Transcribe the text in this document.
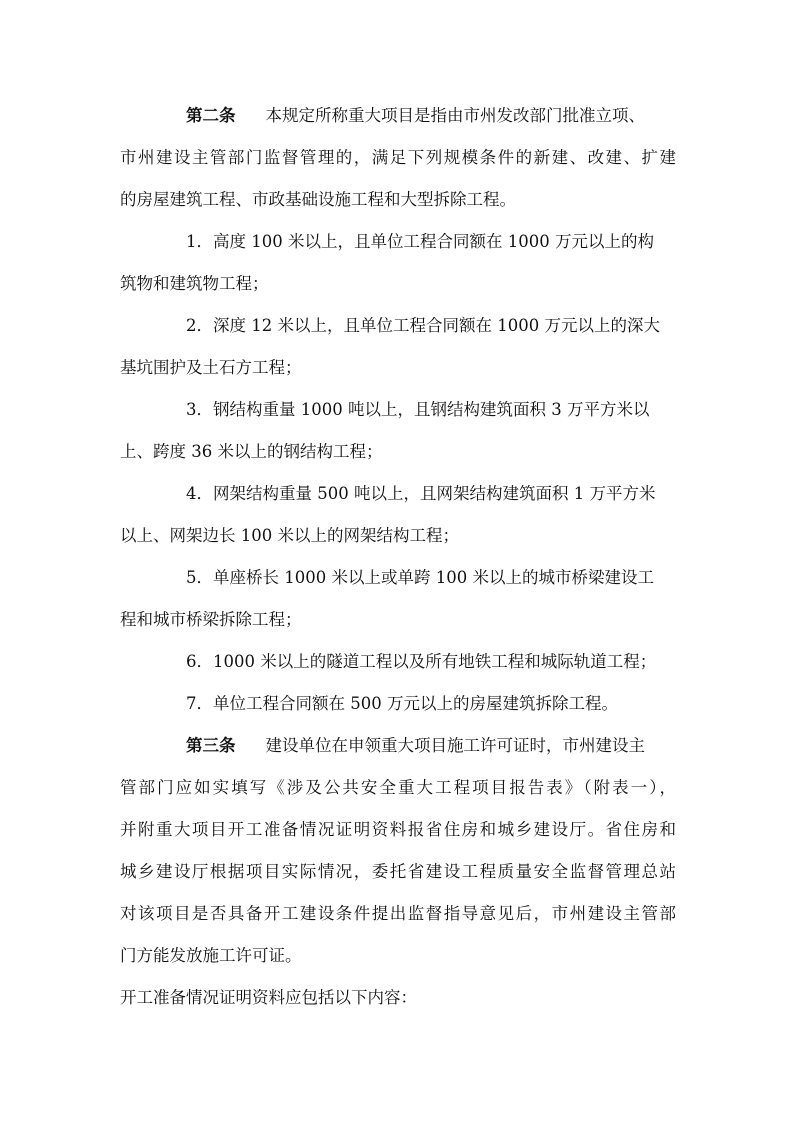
第二条 本规定所称重大项目是指由市州发改部门批准立项、
市州建设主管部门监督管理的，满足下列规模条件的新建、改建、扩建
的房屋建筑工程、市政基础设施工程和大型拆除工程。
1．高度 100 米以上，且单位工程合同额在 1000 万元以上的构
筑物和建筑物工程；
2．深度 12 米以上，且单位工程合同额在 1000 万元以上的深大
基坑围护及土石方工程；
3．钢结构重量 1000 吨以上，且钢结构建筑面积 3 万平方米以
上、跨度 36 米以上的钢结构工程；
4．网架结构重量 500 吨以上，且网架结构建筑面积 1 万平方米
以上、网架边长 100 米以上的网架结构工程；
5．单座桥长 1000 米以上或单跨 100 米以上的城市桥梁建设工
程和城市桥梁拆除工程；
6．1000 米以上的隧道工程以及所有地铁工程和城际轨道工程；
7．单位工程合同额在 500 万元以上的房屋建筑拆除工程。
第三条 建设单位在申领重大项目施工许可证时，市州建设主
管部门应如实填写《涉及公共安全重大工程项目报告表》（附表一），
并附重大项目开工准备情况证明资料报省住房和城乡建设厅。省住房和
城乡建设厅根据项目实际情况，委托省建设工程质量安全监督管理总站
对该项目是否具备开工建设条件提出监督指导意见后，市州建设主管部
门方能发放施工许可证。
开工准备情况证明资料应包括以下内容：
